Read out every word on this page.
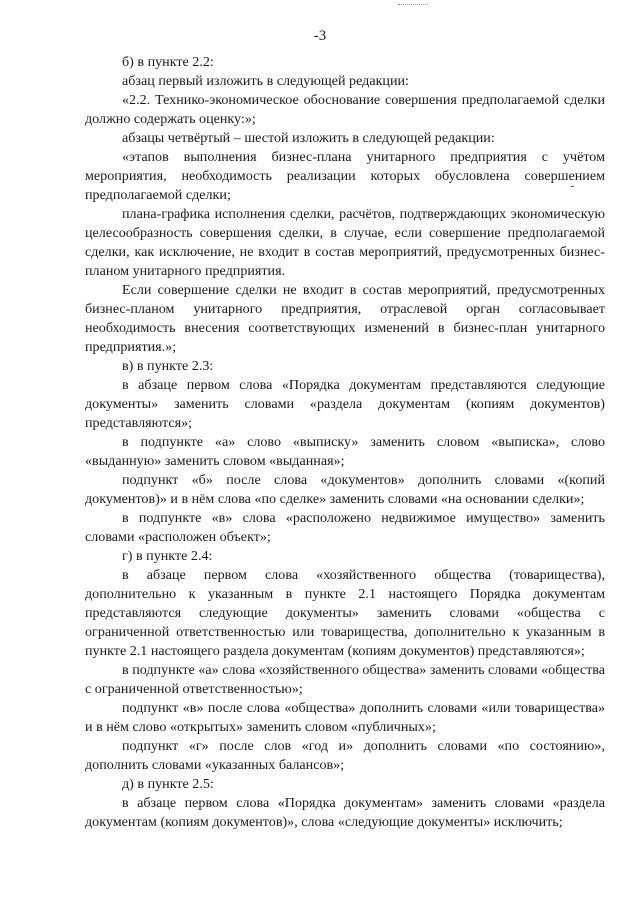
-3

б) в пункте 2.2:

абзац первый изложить в следующей редакции:

«2.2. Технико-экономическое обоснование совершения предполагаемой сделки должно содержать оценку:»;

абзацы четвёртый – шестой изложить в следующей редакции:

«этапов выполнения бизнес-плана унитарного предприятия с учётом мероприятия, необходимость реализации которых обусловлена совершением предполагаемой сделки;

плана-графика исполнения сделки, расчётов, подтверждающих экономическую целесообразность совершения сделки, в случае, если совершение предполагаемой сделки, как исключение, не входит в состав мероприятий, предусмотренных бизнес-планом унитарного предприятия.

Если совершение сделки не входит в состав мероприятий, предусмотренных бизнес-планом унитарного предприятия, отраслевой орган согласовывает необходимость внесения соответствующих изменений в бизнес-план унитарного предприятия.»;

в) в пункте 2.3:

в абзаце первом слова «Порядка документам представляются следующие документы» заменить словами «раздела документам (копиям документов) представляются»;

в подпункте «а» слово «выписку» заменить словом «выписка», слово «выданную» заменить словом «выданная»;

подпункт «б» после слова «документов» дополнить словами «(копий документов)» и в нём слова «по сделке» заменить словами «на основании сделки»;

в подпункте «в» слова «расположено недвижимое имущество» заменить словами «расположен объект»;

г) в пункте 2.4:

в абзаце первом слова «хозяйственного общества (товарищества), дополнительно к указанным в пункте 2.1 настоящего Порядка документам представляются следующие документы» заменить словами «общества с ограниченной ответственностью или товарищества, дополнительно к указанным в пункте 2.1 настоящего раздела документам (копиям документов) представляются»;

в подпункте «а» слова «хозяйственного общества» заменить словами «общества с ограниченной ответственностью»;

подпункт «в» после слова «общества» дополнить словами «или товарищества» и в нём слово «открытых» заменить словом «публичных»;

подпункт «г» после слов «год и» дополнить словами «по состоянию», дополнить словами «указанных балансов»;

д) в пункте 2.5:

в абзаце первом слова «Порядка документам» заменить словами «раздела документам (копиям документов)», слова «следующие документы» исключить;
